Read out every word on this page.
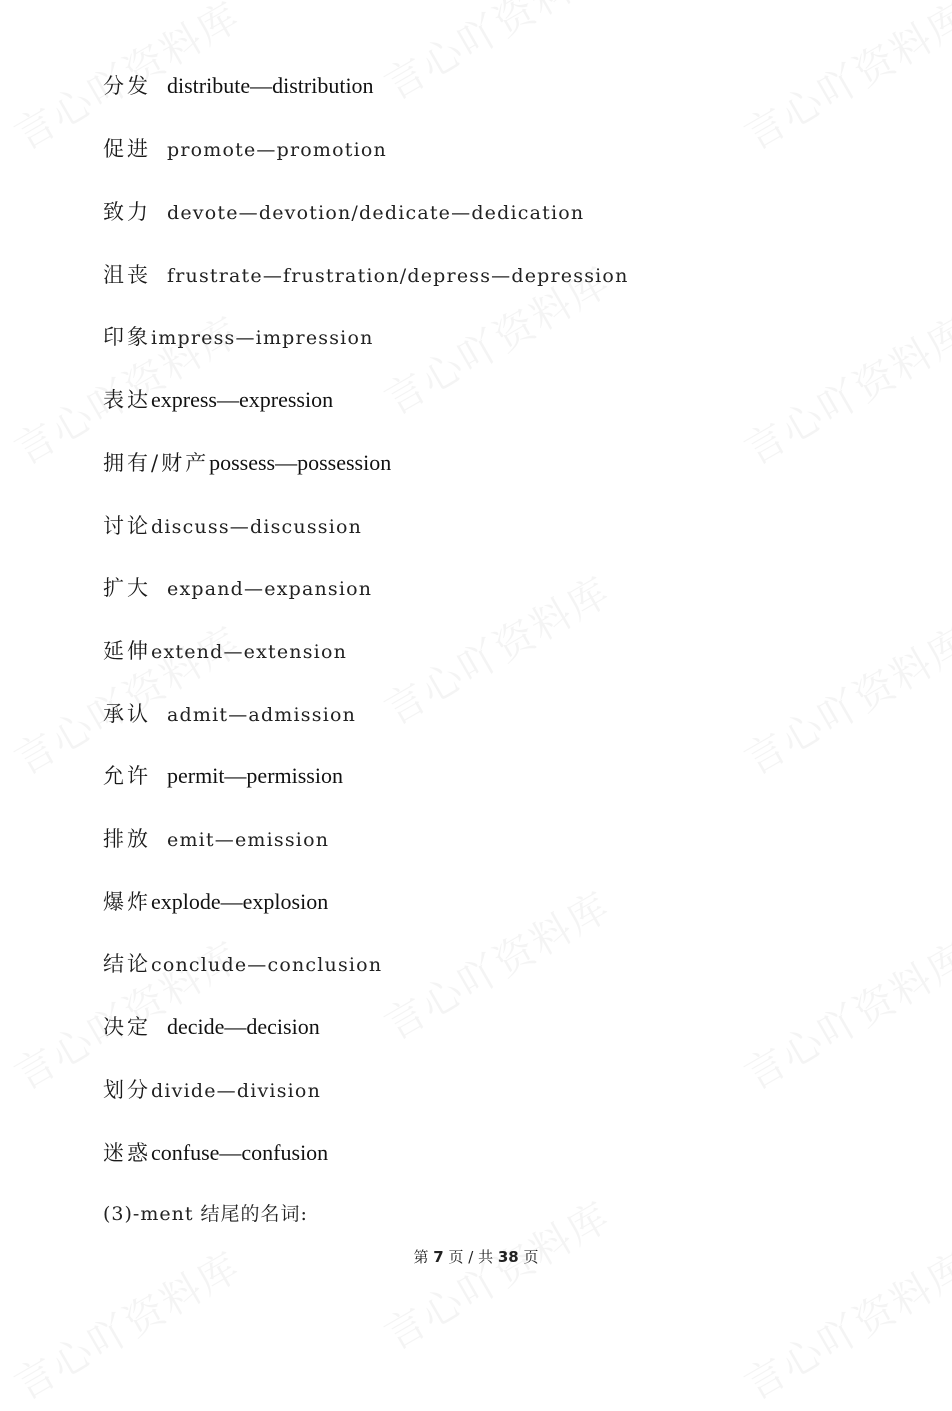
分发 distribute—distribution
促进 promote—promotion
致力 devote—devotion/dedicate—dedication
沮丧 frustrate—frustration/depress—depression
印象impress—impression
表达express—expression
拥有/财产possess—possession
讨论discuss—discussion
扩大 expand—expansion
延伸extend—extension
承认 admit—admission
允许 permit—permission
排放 emit—emission
爆炸explode—explosion
结论conclude—conclusion
决定 decide—decision
划分divide—division
迷惑confuse—confusion
(3)-ment 结尾的名词:
第 7 页 / 共 38 页
